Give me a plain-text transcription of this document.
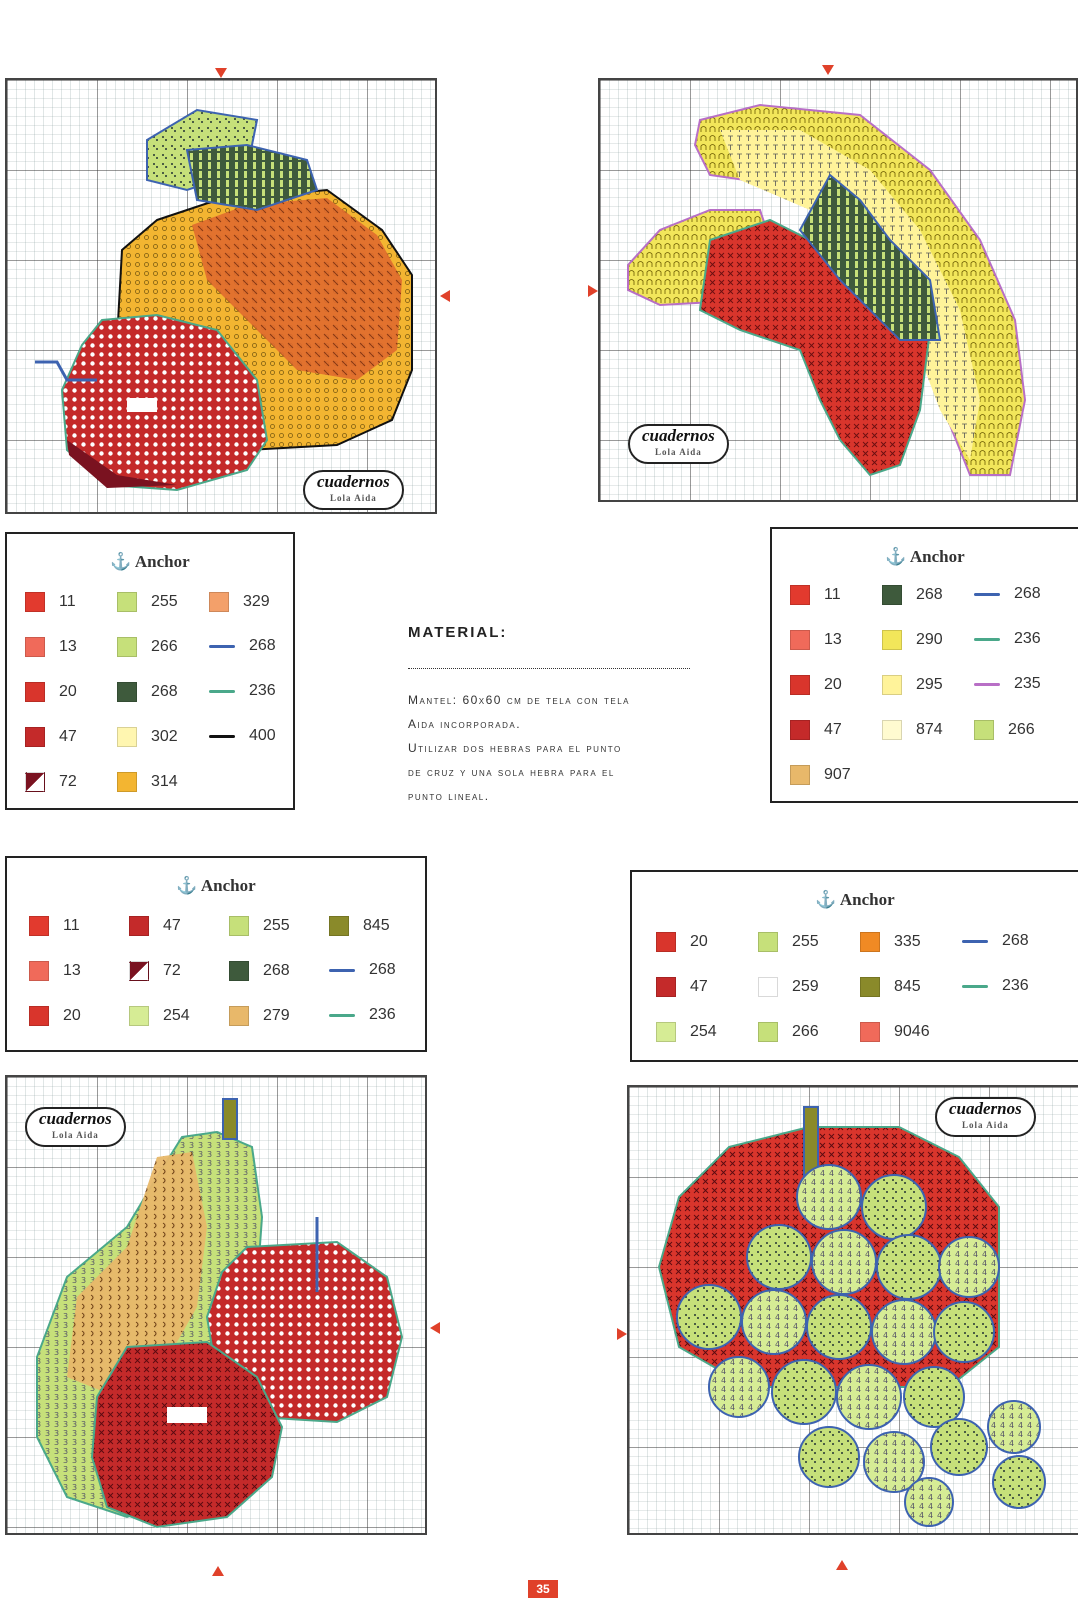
cuadernos
Lola Aida
cuadernos
Lola Aida
⚓ Anchor
11	255	329
13	266	268
20	268	236
47	302	400
72	314
MATERIAL:
Mantel: 60x60 cm de tela con tela
Aida incorporada.
Utilizar dos hebras para el punto
de cruz y una sola hebra para el
punto lineal.
⚓ Anchor
11	268	268
13	290	236
20	295	235
47	874	266
907
⚓ Anchor
11	47	255	845
13	72	268	268
20	254	279	236
⚓ Anchor
20	255	335	268
47	259	845	236
254	266	9046
cuadernos
Lola Aida
cuadernos
Lola Aida
35
